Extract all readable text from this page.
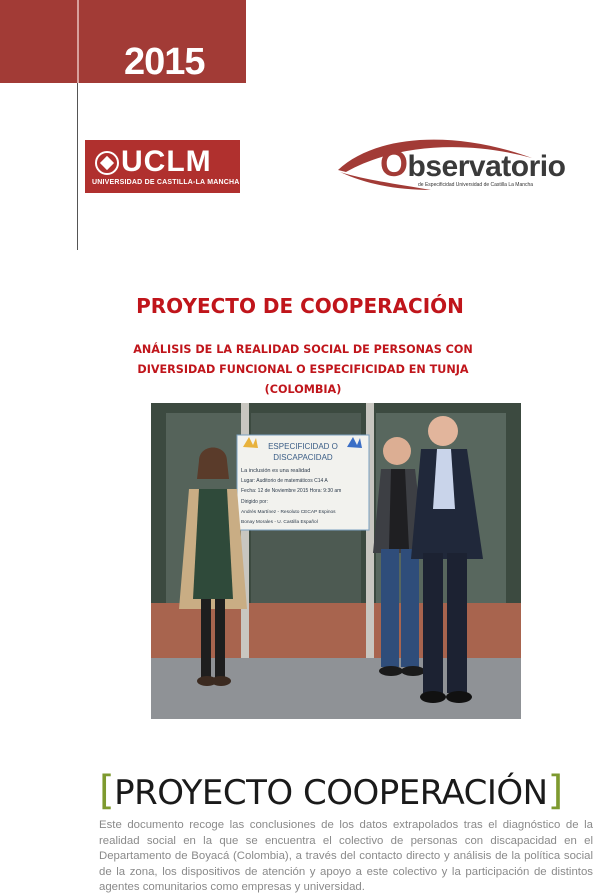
2015
UCLM
UNIVERSIDAD DE CASTILLA-LA MANCHA	Observatorio
de Especificidad Universidad de Castilla La Mancha
PROYECTO DE COOPERACIÓN
ANÁLISIS DE LA REALIDAD SOCIAL DE PERSONAS CON DIVERSIDAD FUNCIONAL O ESPECIFICIDAD EN TUNJA (COLOMBIA)
ESPECIFICIDAD O
DISCAPACIDAD
La inclusión es una realidad
Lugar: Auditorio de matemáticos C14 A
Fecha: 12 de Noviembre 2015 Hora: 9:30 am
Dirigido por:
Andrés Martínez - Resoluto CECAP Espinos
Bonay Morales - U. Castilla Español
[PROYECTO COOPERACIÓN]
Este documento recoge las conclusiones de los datos extrapolados tras el diagnóstico de la realidad social en la que se encuentra el colectivo de personas con discapacidad en el Departamento de Boyacá (Colombia), a través del contacto directo y análisis de la política social de la zona, los dispositivos de atención y apoyo a este colectivo y la participación de distintos agentes comunitarios como empresas y universidad.
